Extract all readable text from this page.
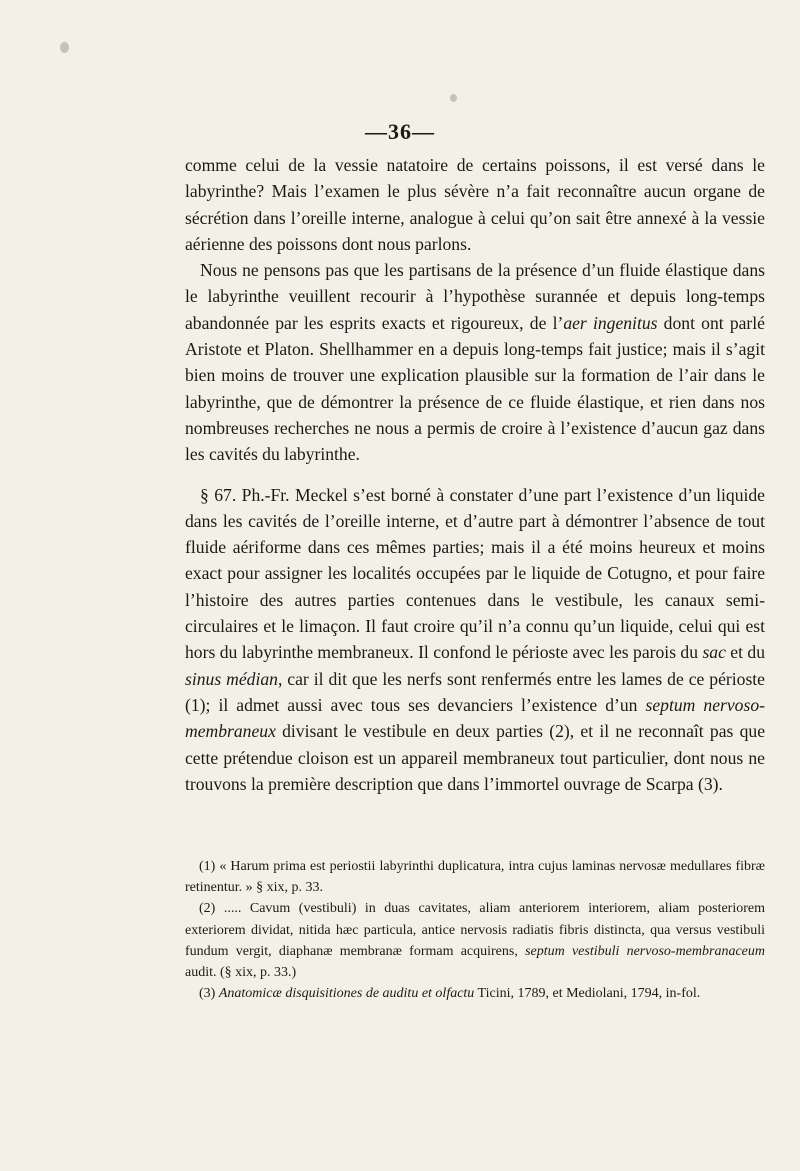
—36—

comme celui de la vessie natatoire de certains poissons, il est versé dans le labyrinthe? Mais l’examen le plus sévère n’a fait reconnaître aucun organe de sécrétion dans l’oreille interne, analogue à celui qu’on sait être annexé à la vessie aérienne des poissons dont nous parlons.

Nous ne pensons pas que les partisans de la présence d’un fluide élastique dans le labyrinthe veuillent recourir à l’hypothèse surannée et depuis long-temps abandonnée par les esprits exacts et rigoureux, de l’aer ingenitus dont ont parlé Aristote et Platon. Shellhammer en a depuis long-temps fait justice; mais il s’agit bien moins de trouver une explication plausible sur la formation de l’air dans le labyrinthe, que de démontrer la présence de ce fluide élastique, et rien dans nos nombreuses recherches ne nous a permis de croire à l’existence d’aucun gaz dans les cavités du labyrinthe.

§ 67. Ph.-Fr. Meckel s’est borné à constater d’une part l’existence d’un liquide dans les cavités de l’oreille interne, et d’autre part à démontrer l’absence de tout fluide aériforme dans ces mêmes parties; mais il a été moins heureux et moins exact pour assigner les localités occupées par le liquide de Cotugno, et pour faire l’histoire des autres parties contenues dans le vestibule, les canaux semi-circulaires et le limaçon. Il faut croire qu’il n’a connu qu’un liquide, celui qui est hors du labyrinthe membraneux. Il confond le périoste avec les parois du sac et du sinus médian, car il dit que les nerfs sont renfermés entre les lames de ce périoste (1); il admet aussi avec tous ses devanciers l’existence d’un septum nervoso-membraneux divisant le vestibule en deux parties (2), et il ne reconnaît pas que cette prétendue cloison est un appareil membraneux tout particulier, dont nous ne trouvons la première description que dans l’immortel ouvrage de Scarpa (3).

(1) « Harum prima est periostii labyrinthi duplicatura, intra cujus laminas nervosæ medullares fibræ retinentur. » § xix, p. 33.

(2) ..... Cavum (vestibuli) in duas cavitates, aliam anteriorem interiorem, aliam posteriorem exteriorem dividat, nitida hæc particula, antice nervosis radiatis fibris distincta, qua versus vestibuli fundum vergit, diaphanæ membranæ formam acquirens, septum vestibuli nervoso-membranaceum audit. (§ xix, p. 33.)

(3) Anatomicæ disquisitiones de auditu et olfactu Ticini, 1789, et Mediolani, 1794, in-fol.
